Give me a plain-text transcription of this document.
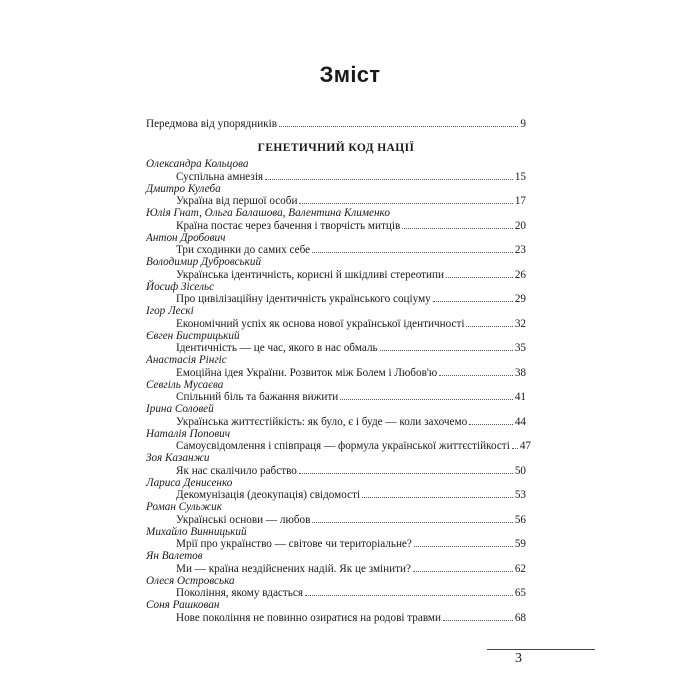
Зміст
Передмова від упорядників	9
ГЕНЕТИЧНИЙ КОД НАЦІЇ
Олександра Кольцова
Суспільна амнезія	15
Дмитро Кулеба
Україна від першої особи	17
Юлія Гнат, Ольга Балашова, Валентина Клименко
Країна постає через бачення і творчість митців	20
Антон Дробович
Три сходинки до самих себе	23
Володимир Дубровський
Українська ідентичність, корисні й шкідливі стереотипи	26
Йосиф Зісельс
Про цивілізаційну ідентичність українського соціуму	29
Ігор Лескі
Економічний успіх як основа нової української ідентичності	32
Євген Бистрицький
Ідентичність — це час, якого в нас обмаль	35
Анастасія Рінгіс
Емоційна ідея України. Розвиток між Болем і Любов'ю	38
Севгіль Мусаєва
Спільний біль та бажання вижити	41
Ірина Соловей
Українська життєстійкість: як було, є і буде — коли захочемо	44
Наталія Попович
Самоусвідомлення і співпраця — формула української життєстійкості 47
Зоя Казанжи
Як нас скалічило рабство	50
Лариса Денисенко
Декомунізація (деокупація) свідомості	53
Роман Сульжик
Українські основи — любов	56
Михайло Винницький
Мрії про українство — світове чи територіальне?	59
Ян Валетов
Ми — країна нездійснених надій. Як це змінити?	62
Олеся Островська
Покоління, якому вдасться	65
Соня Рашкован
Нове покоління не повинно озиратися на родові травми	68
3
